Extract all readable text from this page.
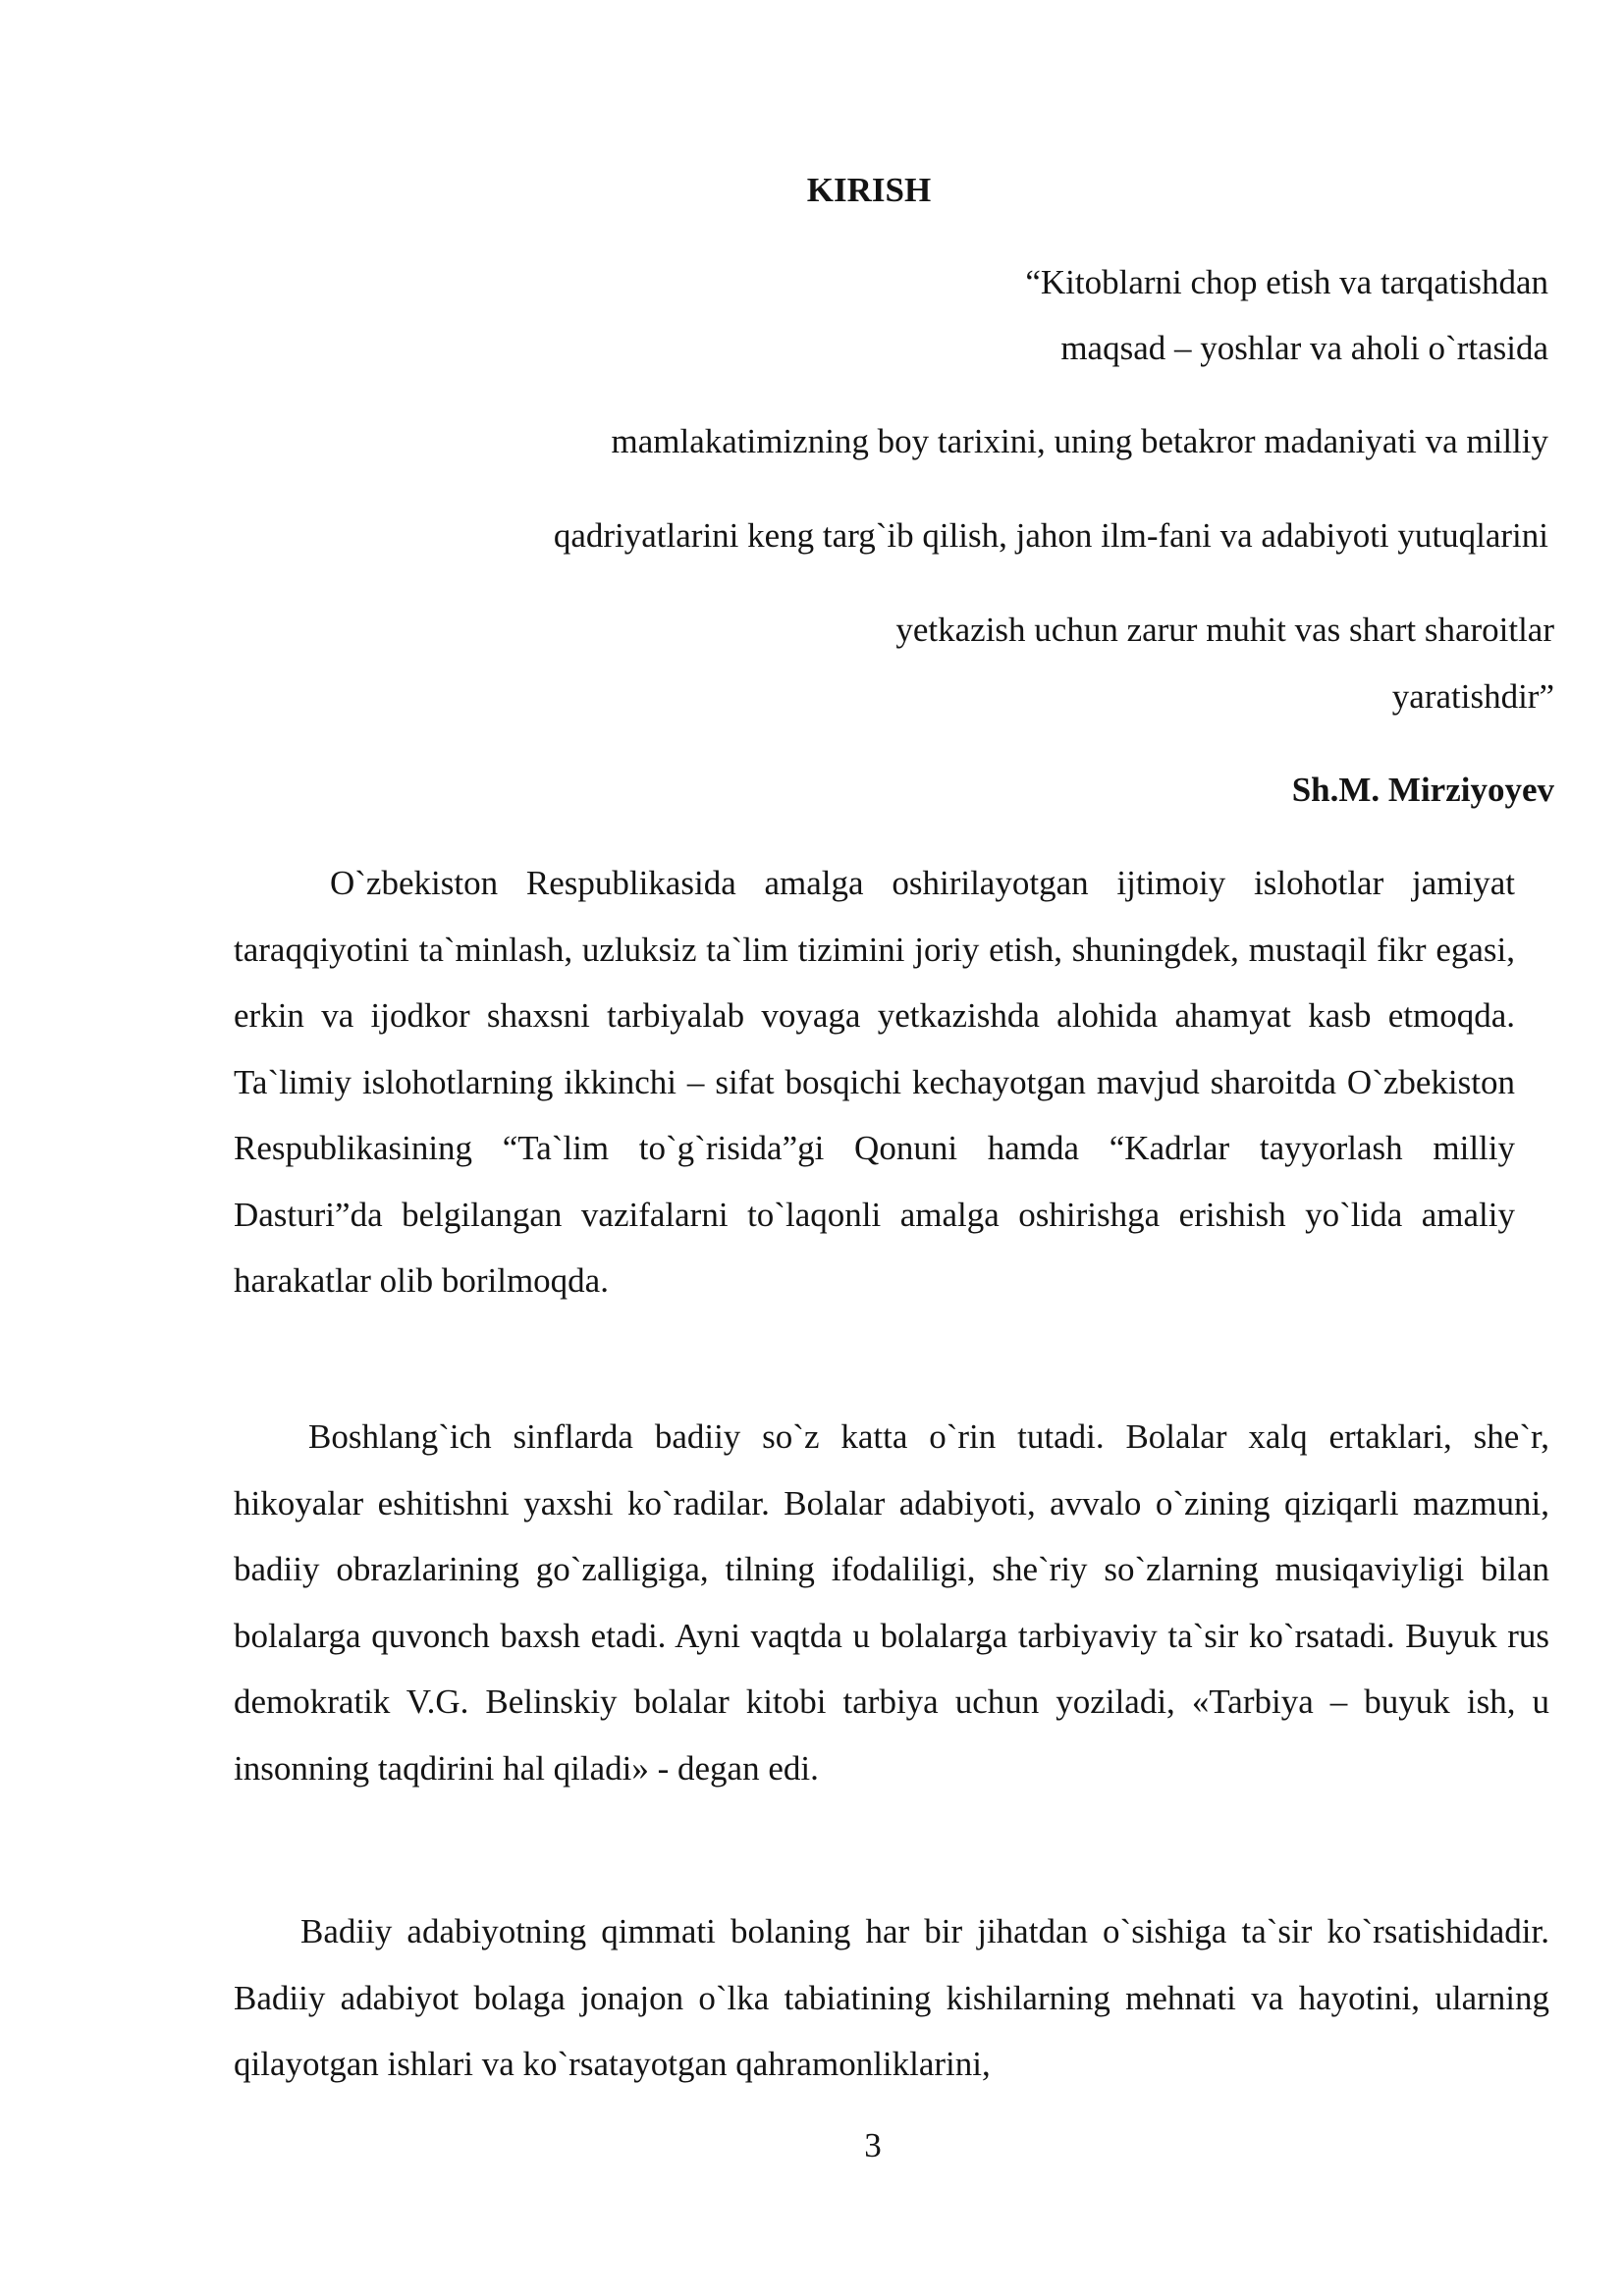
KIRISH
“Kitoblarni chop etish va tarqatishdan
maqsad – yoshlar va aholi o`rtasida
mamlakatimizning boy tarixini, uning betakror madaniyati va milliy
qadriyatlarini keng targ`ib qilish, jahon ilm-fani va adabiyoti yutuqlarini
yetkazish uchun zarur muhit vas shart sharoitlar
yaratishdir”
Sh.M. Mirziyoyev

O`zbekiston Respublikasida amalga oshirilayotgan ijtimoiy islohotlar jamiyat taraqqiyotini ta`minlash, uzluksiz ta`lim tizimini joriy etish, shuningdek, mustaqil fikr egasi, erkin va ijodkor shaxsni tarbiyalab voyaga yetkazishda alohida ahamyat kasb etmoqda. Ta`limiy islohotlarning ikkinchi – sifat bosqichi kechayotgan mavjud sharoitda O`zbekiston Respublikasining “Ta`lim to`g`risida”gi Qonuni hamda “Kadrlar tayyorlash milliy Dasturi”da belgilangan vazifalarni to`laqonli amalga oshirishga erishish yo`lida amaliy harakatlar olib borilmoqda.

Boshlang`ich sinflarda badiiy so`z katta o`rin tutadi. Bolalar xalq ertaklari, she`r, hikoyalar eshitishni yaxshi ko`radilar. Bolalar adabiyoti, avvalo o`zining qiziqarli mazmuni, badiiy obrazlarining go`zalligiga, tilning ifodaliligi, she`riy so`zlarning musiqaviyligi bilan bolalarga quvonch baxsh etadi. Ayni vaqtda u bolalarga tarbiyaviy ta`sir ko`rsatadi. Buyuk rus demokratik V.G. Belinskiy bolalar kitobi tarbiya uchun yoziladi, «Tarbiya – buyuk ish, u insonning taqdirini hal qiladi» - degan edi.

Badiiy adabiyotning qimmati bolaning har bir jihatdan o`sishiga ta`sir ko`rsatishidadir. Badiiy adabiyot bolaga jonajon o`lka tabiatining kishilarning mehnati va hayotini, ularning qilayotgan ishlari va ko`rsatayotgan qahramonliklarini,

3
